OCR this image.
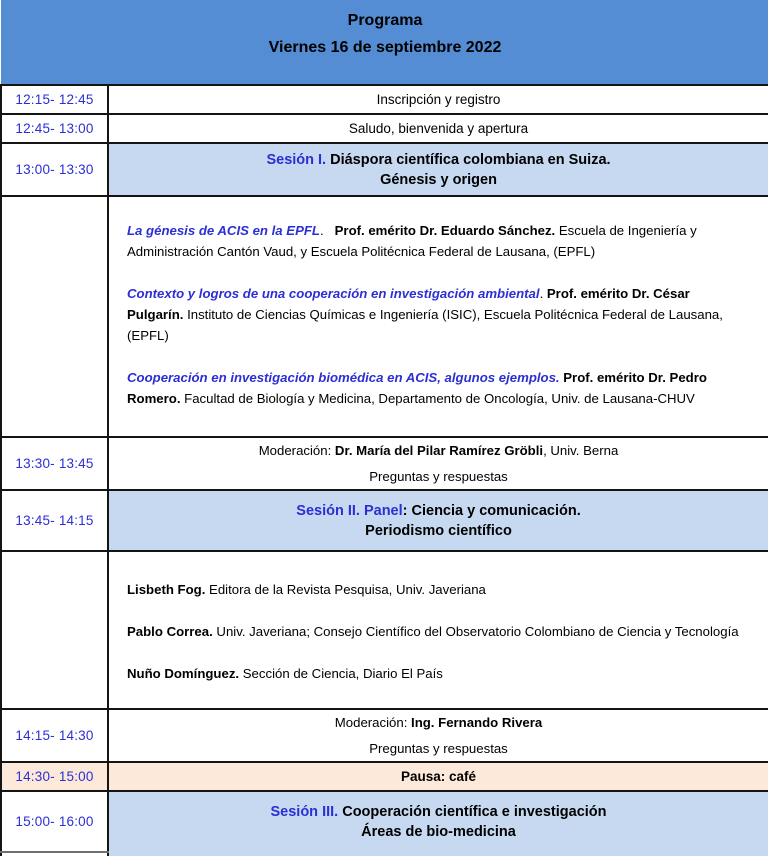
Programa
Viernes 16 de septiembre 2022	

12:15- 12:45	Inscripción y registro
12:45- 13:00	Saludo, bienvenida y apertura
13:00- 13:30	Sesión I. Diáspora científica colombiana en Suiza.
Génesis y origen

	La génesis de ACIS en la EPFL.   Prof. emérito Dr. Eduardo Sánchez. Escuela de Ingeniería y Administración Cantón Vaud, y Escuela Politécnica Federal de Lausana, (EPFL)

Contexto y logros de una cooperación en investigación ambiental. Prof. emérito Dr. César Pulgarín. Instituto de Ciencias Químicas e Ingeniería (ISIC), Escuela Politécnica Federal de Lausana, (EPFL)

Cooperación en investigación biomédica en ACIS, algunos ejemplos. Prof. emérito Dr. Pedro Romero. Facultad de Biología y Medicina, Departamento de Oncología, Univ. de Lausana-CHUV

13:30- 13:45	Moderación: Dr. María del Pilar Ramírez Gröbli, Univ. Berna
Preguntas y respuestas

13:45- 14:15	Sesión II. Panel: Ciencia y comunicación.
Periodismo científico

	Lisbeth Fog. Editora de la Revista Pesquisa, Univ. Javeriana

Pablo Correa. Univ. Javeriana; Consejo Científico del Observatorio Colombiano de Ciencia y Tecnología

Nuño Domínguez. Sección de Ciencia, Diario El País

14:15- 14:30	Moderación: Ing. Fernando Rivera
Preguntas y respuestas

14:30- 15:00	Pausa: café
15:00- 16:00	Sesión III. Cooperación científica e investigación
Áreas de bio-medicina
